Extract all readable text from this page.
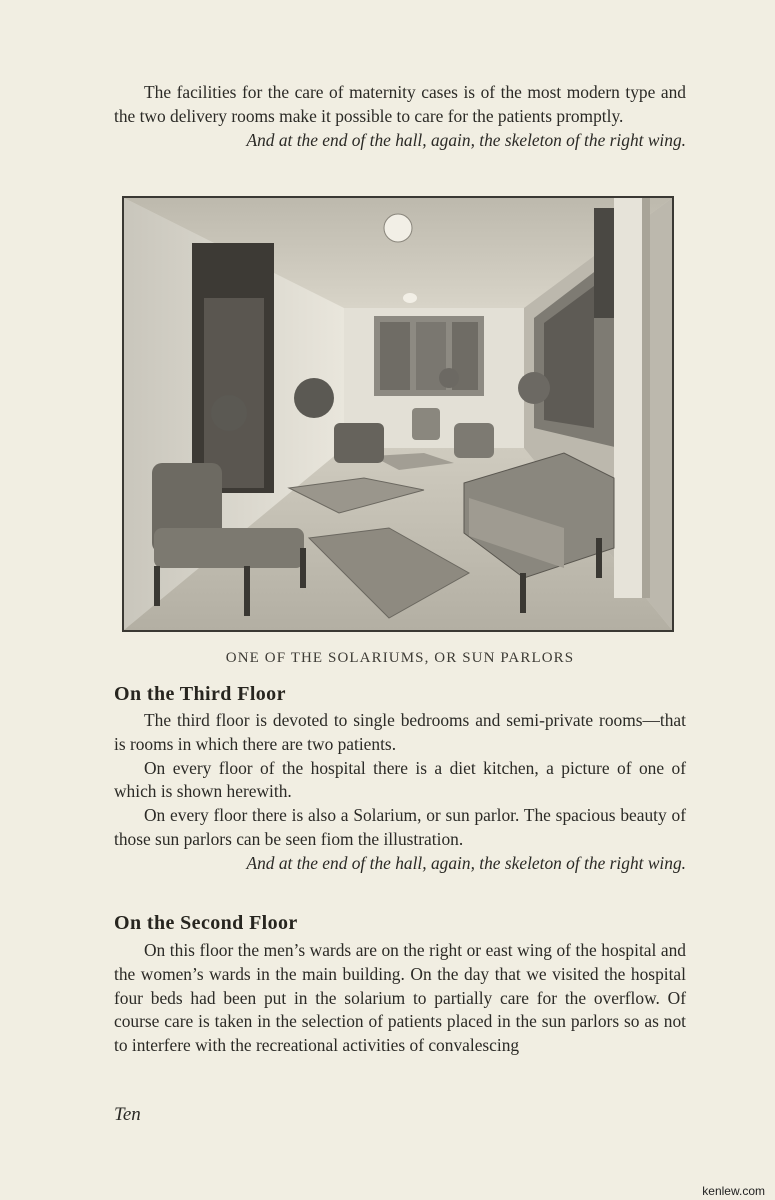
The facilities for the care of maternity cases is of the most modern type and the two delivery rooms make it possible to care for the patients promptly.

And at the end of the hall, again, the skeleton of the right wing.

ONE OF THE SOLARIUMS, OR SUN PARLORS
On the Third Floor

The third floor is devoted to single bedrooms and semi-private rooms—that is rooms in which there are two patients.

On every floor of the hospital there is a diet kitchen, a picture of one of which is shown herewith.

On every floor there is also a Solarium, or sun parlor. The spacious beauty of those sun parlors can be seen fiom the illustration.

And at the end of the hall, again, the skeleton of the right wing.

On the Second Floor

On this floor the men’s wards are on the right or east wing of the hospital and the women’s wards in the main building. On the day that we visited the hospital four beds had been put in the solarium to partially care for the overflow. Of course care is taken in the selection of patients placed in the sun parlors so as not to interfere with the recreational activities of convalescing

Ten
kenlew.com
